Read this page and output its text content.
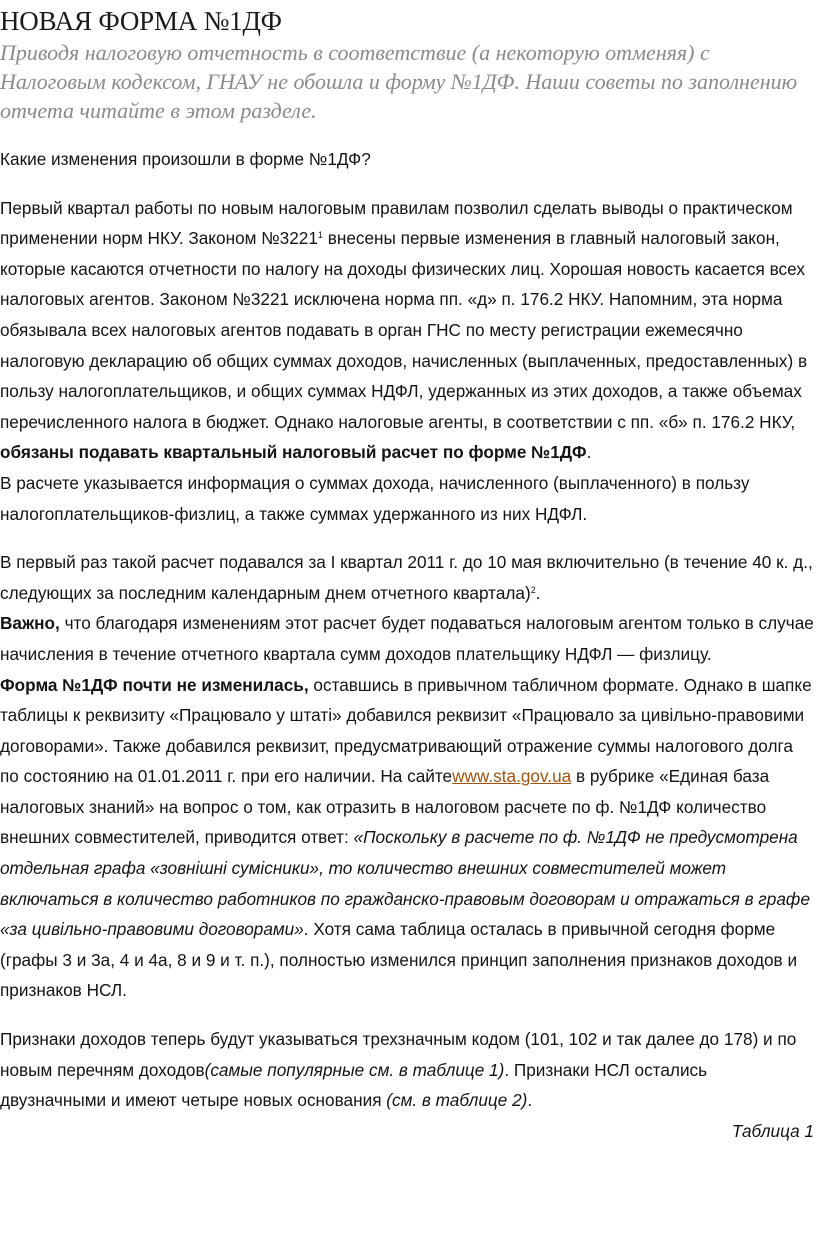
НОВАЯ ФОРМА №1ДФ

Приводя налоговую отчетность в соответствие (а некоторую отменяя) с Налоговым кодексом, ГНАУ не обошла и форму №1ДФ. Наши советы по заполнению отчета читайте в этом разделе.

Какие изменения произошли в форме №1ДФ?

Первый квартал работы по новым налоговым правилам позволил сделать выводы о практическом применении норм НКУ. Законом №3221$^1$ внесены первые изменения в главный налоговый закон, которые касаются отчетности по налогу на доходы физических лиц. Хорошая новость касается всех налоговых агентов. Законом №3221 исключена норма пп. «д» п. 176.2 НКУ. Напомним, эта норма обязывала всех налоговых агентов подавать в орган ГНС по месту регистрации ежемесячно налоговую декларацию об общих суммах доходов, начисленных (выплаченных, предоставленных) в пользу налогоплательщиков, и общих суммах НДФЛ, удержанных из этих доходов, а также объемах перечисленного налога в бюджет. Однако налоговые агенты, в соответствии с пп. «б» п. 176.2 НКУ, обязаны подавать квартальный налоговый расчет по форме №1ДФ.

В расчете указывается информация о суммах дохода, начисленного (выплаченного) в пользу налогоплательщиков-физлиц, а также суммах удержанного из них НДФЛ.

В первый раз такой расчет подавался за I квартал 2011 г. до 10 мая включительно (в течение 40 к. д., следующих за последним календарным днем отчетного квартала)$^2$.

Важно, что благодаря изменениям этот расчет будет подаваться налоговым агентом только в случае начисления в течение отчетного квартала сумм доходов плательщику НДФЛ — физлицу.

Форма №1ДФ почти не изменилась, оставшись в привычном табличном формате. Однако в шапке таблицы к реквизиту «Працювало у штаті» добавился реквизит «Працювало за цивільно-правовими договорами». Также добавился реквизит, предусматривающий отражение суммы налогового долга по состоянию на 01.01.2011 г. при его наличии. На сайтеwww.sta.gov.ua в рубрике «Единая база налоговых знаний» на вопрос о том, как отразить в налоговом расчете по ф. №1ДФ количество внешних совместителей, приводится ответ: «Поскольку в расчете по ф. №1ДФ не предусмотрена отдельная графа «зовнішні сумісники», то количество внешних совместителей может включаться в количество работников по гражданско-правовым договорам и отражаться в графе «за цивільно-правовими договорами». Хотя сама таблица осталась в привычной сегодня форме (графы 3 и 3а, 4 и 4а, 8 и 9 и т. п.), полностью изменился принцип заполнения признаков доходов и признаков НСЛ.

Признаки доходов теперь будут указываться трехзначным кодом (101, 102 и так далее до 178) и по новым перечням доходов(самые популярные см. в таблице 1). Признаки НСЛ остались двузначными и имеют четыре новых основания (см. в таблице 2).

Таблица 1
